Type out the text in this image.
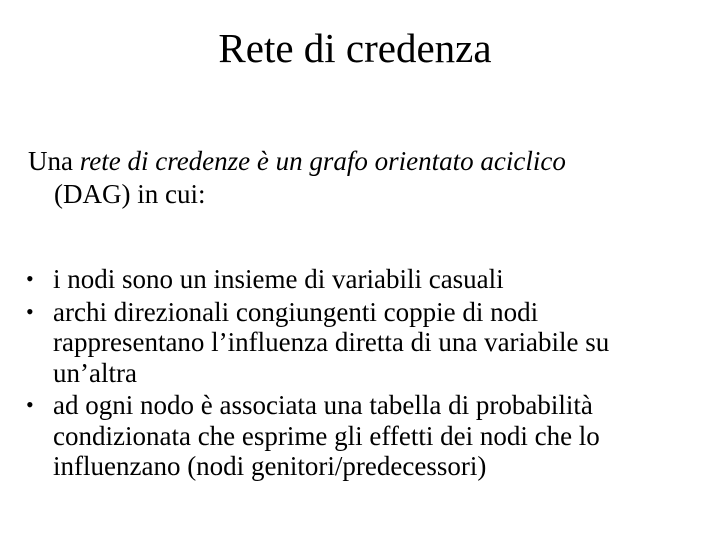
Rete di credenza
Una rete di credenze è un grafo orientato aciclico
(DAG) in cui:
• i nodi sono un insieme di variabili casuali
• archi direzionali congiungenti coppie di nodi
rappresentano l’influenza diretta di una variabile su
un’altra
• ad ogni nodo è associata una tabella di probabilità
condizionata che esprime gli effetti dei nodi che lo
influenzano (nodi genitori/predecessori)
